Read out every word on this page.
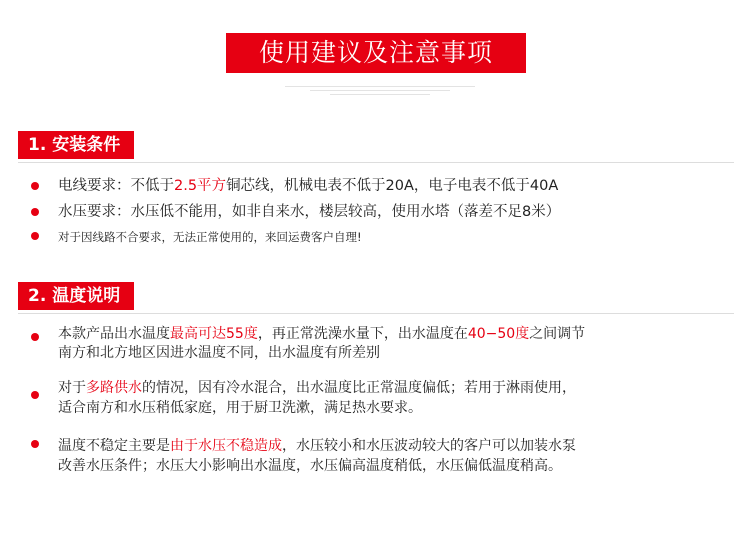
使用建议及注意事项
1. 安装条件
电线要求：不低于2.5平方铜芯线，机械电表不低于20A，电子电表不低于40A
水压要求：水压低不能用，如非自来水，楼层较高，使用水塔（落差不足8米）
对于因线路不合要求，无法正常使用的，来回运费客户自理!
2. 温度说明
本款产品出水温度最高可达55度，再正常洗澡水量下，出水温度在40−50度之间调节
南方和北方地区因进水温度不同，出水温度有所差别
对于多路供水的情况，因有冷水混合，出水温度比正常温度偏低；若用于淋雨使用，
适合南方和水压稍低家庭，用于厨卫洗漱，满足热水要求。
温度不稳定主要是由于水压不稳造成，水压较小和水压波动较大的客户可以加装水泵
改善水压条件；水压大小影响出水温度，水压偏高温度稍低，水压偏低温度稍高。
